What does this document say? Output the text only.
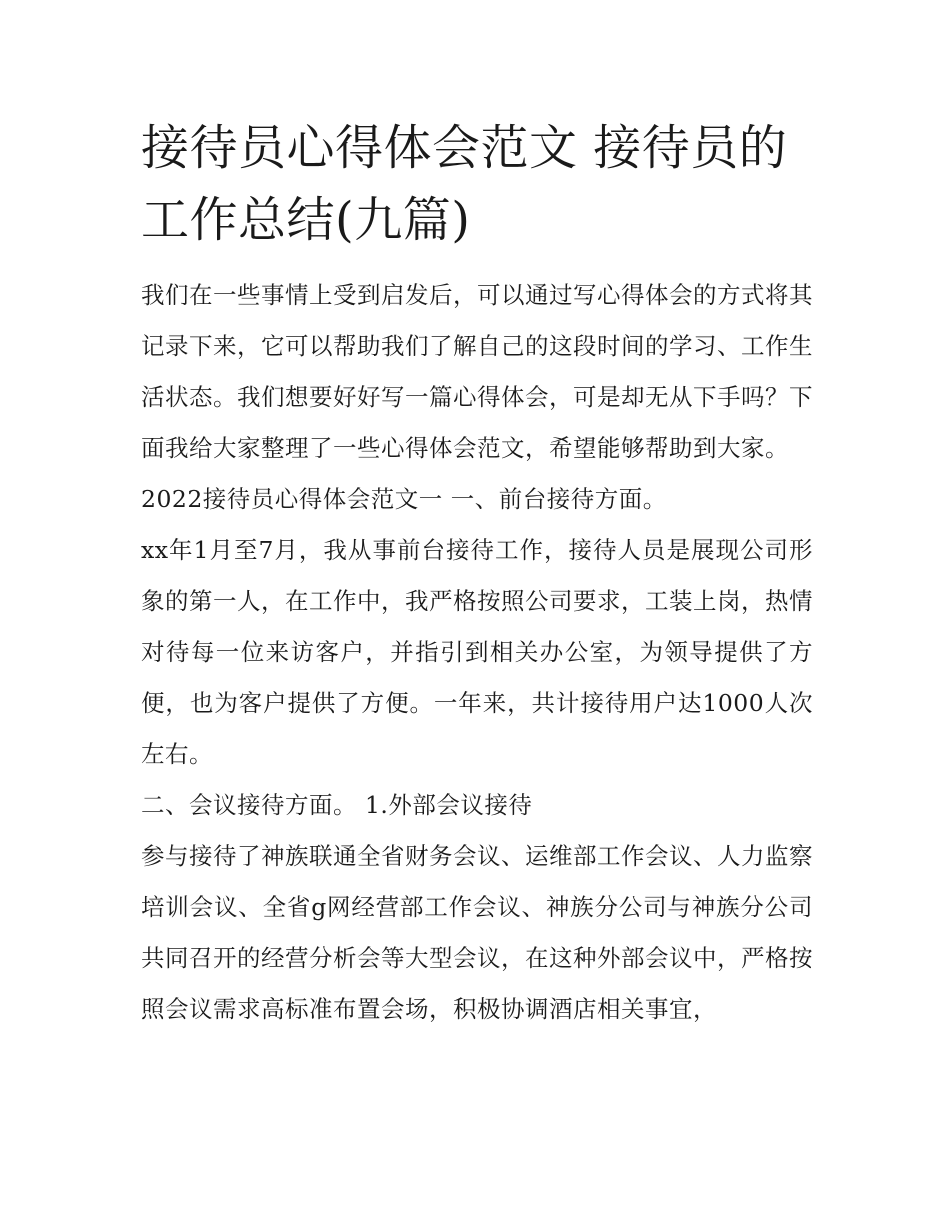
接待员心得体会范文 接待员的工作总结(九篇)

我们在一些事情上受到启发后，可以通过写心得体会的方式将其记录下来，它可以帮助我们了解自己的这段时间的学习、工作生活状态。我们想要好好写一篇心得体会，可是却无从下手吗？下面我给大家整理了一些心得体会范文，希望能够帮助到大家。

2022接待员心得体会范文一 一、前台接待方面。

xx年1月至7月，我从事前台接待工作，接待人员是展现公司形象的第一人，在工作中，我严格按照公司要求，工装上岗，热情对待每一位来访客户，并指引到相关办公室，为领导提供了方便，也为客户提供了方便。一年来，共计接待用户达1000人次左右。

二、会议接待方面。 1.外部会议接待

参与接待了神族联通全省财务会议、运维部工作会议、人力监察培训会议、全省g网经营部工作会议、神族分公司与神族分公司共同召开的经营分析会等大型会议，在这种外部会议中，严格按照会议需求高标准布置会场，积极协调酒店相关事宜，
